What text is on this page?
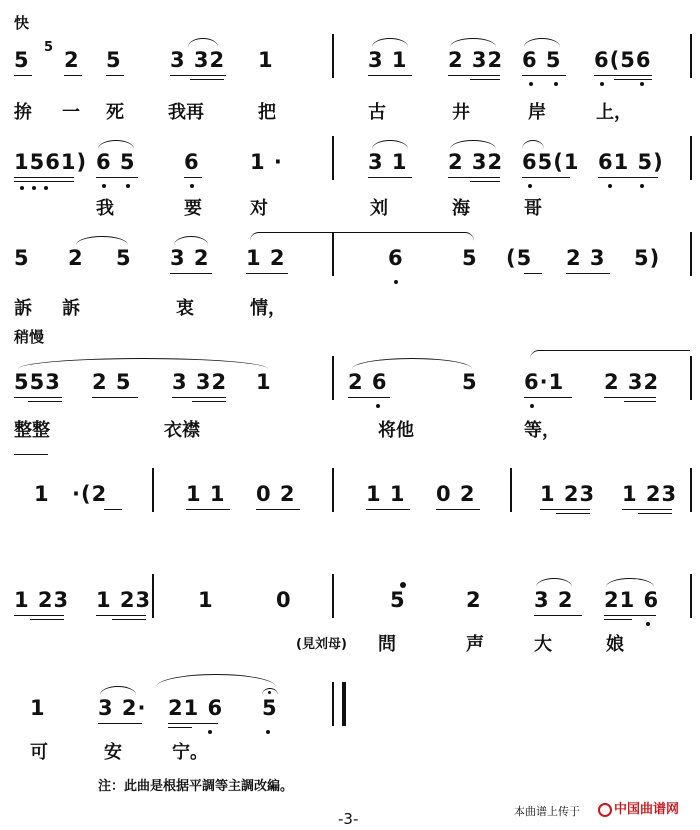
快
5
5
2 5 3 32 1	3 1 2 32 6 5 6(56
拚 一 死 我再	把	古	井	岸	上，
1561) 6 5 6 1 ·	3 1 2 32 65(1 61 5)
我	要	对	刘	海	哥
5 2 5 3 2 1 2	6	5 (5 2 3 5)
訴 訴	衷	情，
稍慢
553 2 5 3 32 1	2 6	5 6·1 2 32
整整	衣襟	将他	等，
1 ·(2	1 1 0 2	1 1 0 2	1 23 1 23
1 23 1 23 1	0	5	2 3 2 21 6
(見刘母) 問	声	大	娘
1 3 2· 21 6 5
可	安	宁。
注：此曲是根据平調等主調改編。
-3-	本曲谱上传于	中国曲谱网
